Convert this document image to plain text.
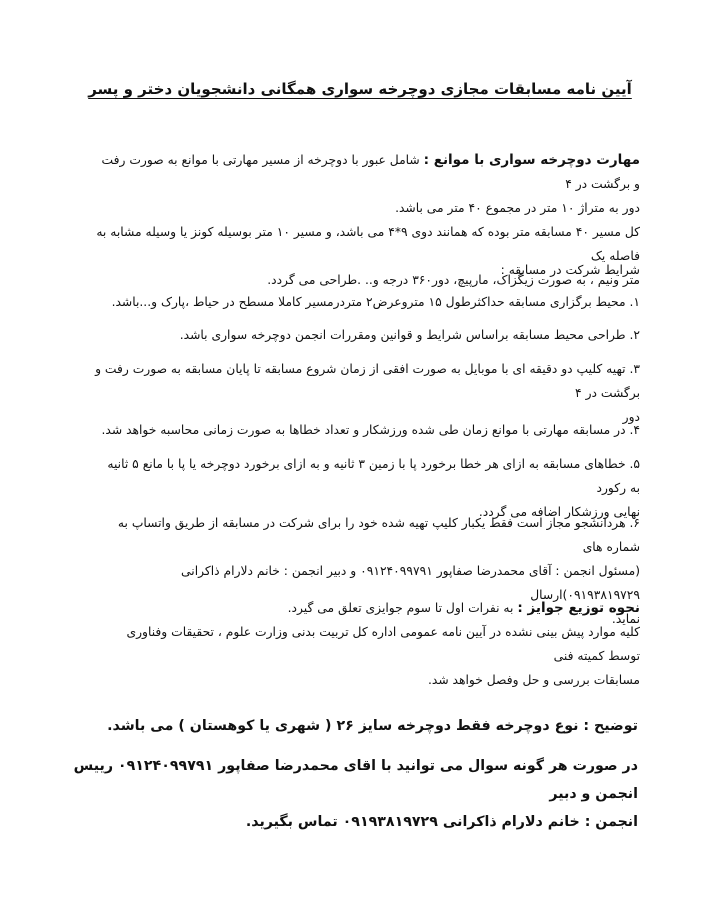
آیین نامه مسابقات مجازی دوچرخه سواری همگانی دانشجویان دختر و پسر
مهارت دوچرخه سواری با موانع : شامل عبور با دوچرخه از مسیر مهارتی با موانع به صورت رفت و برگشت در ۴
دور به متراژ ۱۰ متر در مجموع ۴۰ متر می باشد.
کل مسیر ۴۰ مسابقه متر بوده که همانند دوی ۹*۴ می باشد، و مسیر ۱۰ متر بوسیله کونز یا وسیله مشابه به فاصله یک
متر ونیم ، به صورت زیگزاک، مارپیچ، دور۳۶۰ درجه و.. .طراحی می گردد.
شرایط شرکت در مسابقه :
۱. محیط برگزاری مسابقه حداکثرطول ۱۵ متروعرض۲ متردرمسیر کاملا مسطح در حیاط ،پارک و...باشد.
۲. طراحی محیط مسابقه براساس شرایط و قوانین ومقررات انجمن دوچرخه سواری باشد.
۳. تهیه کلیپ دو دقیقه ای با موبایل به صورت افقی از زمان شروع مسابقه تا پایان مسابقه به صورت رفت و برگشت در ۴
دور
۴. در مسابقه مهارتی با موانع زمان طی شده ورزشکار و تعداد خطاها به صورت زمانی محاسبه خواهد شد.
۵. خطاهای مسابقه به ازای هر خطا برخورد پا با زمین ۳ ثانیه و به ازای برخورد دوچرخه یا پا با مانع ۵ ثانیه به رکورد
نهایی ورزشکار اضافه می گردد.
۶. هردانشجو مجاز است فقط یکبار کلیپ تهیه شده خود را برای شرکت در مسابقه از طریق واتساپ به شماره های
(مسئول انجمن : آقای محمدرضا صفاپور ۰۹۱۲۴۰۹۹۷۹۱ و دبیر انجمن : خانم دلارام ذاکرانی ۰۹۱۹۳۸۱۹۷۲۹)ارسال
نماید.
نحوه توزیع جوایز : به نفرات اول تا سوم جوایزی تعلق می گیرد.
کلیه موارد پیش بینی نشده در آیین نامه عمومی اداره کل تربیت بدنی وزارت علوم ، تحقیقات وفناوری توسط کمیته فنی
مسابقات بررسی و حل وفصل خواهد شد.
توضیح : نوع دوچرخه فقط دوچرخه سایز ۲۶ ( شهری یا کوهستان ) می باشد.
در صورت هر گونه سوال می توانید با اقای محمدرضا صفاپور ۰۹۱۲۴۰۹۹۷۹۱ رییس انجمن و دبیر
انجمن : خانم دلارام ذاکرانی ۰۹۱۹۳۸۱۹۷۲۹ تماس بگیرید.
